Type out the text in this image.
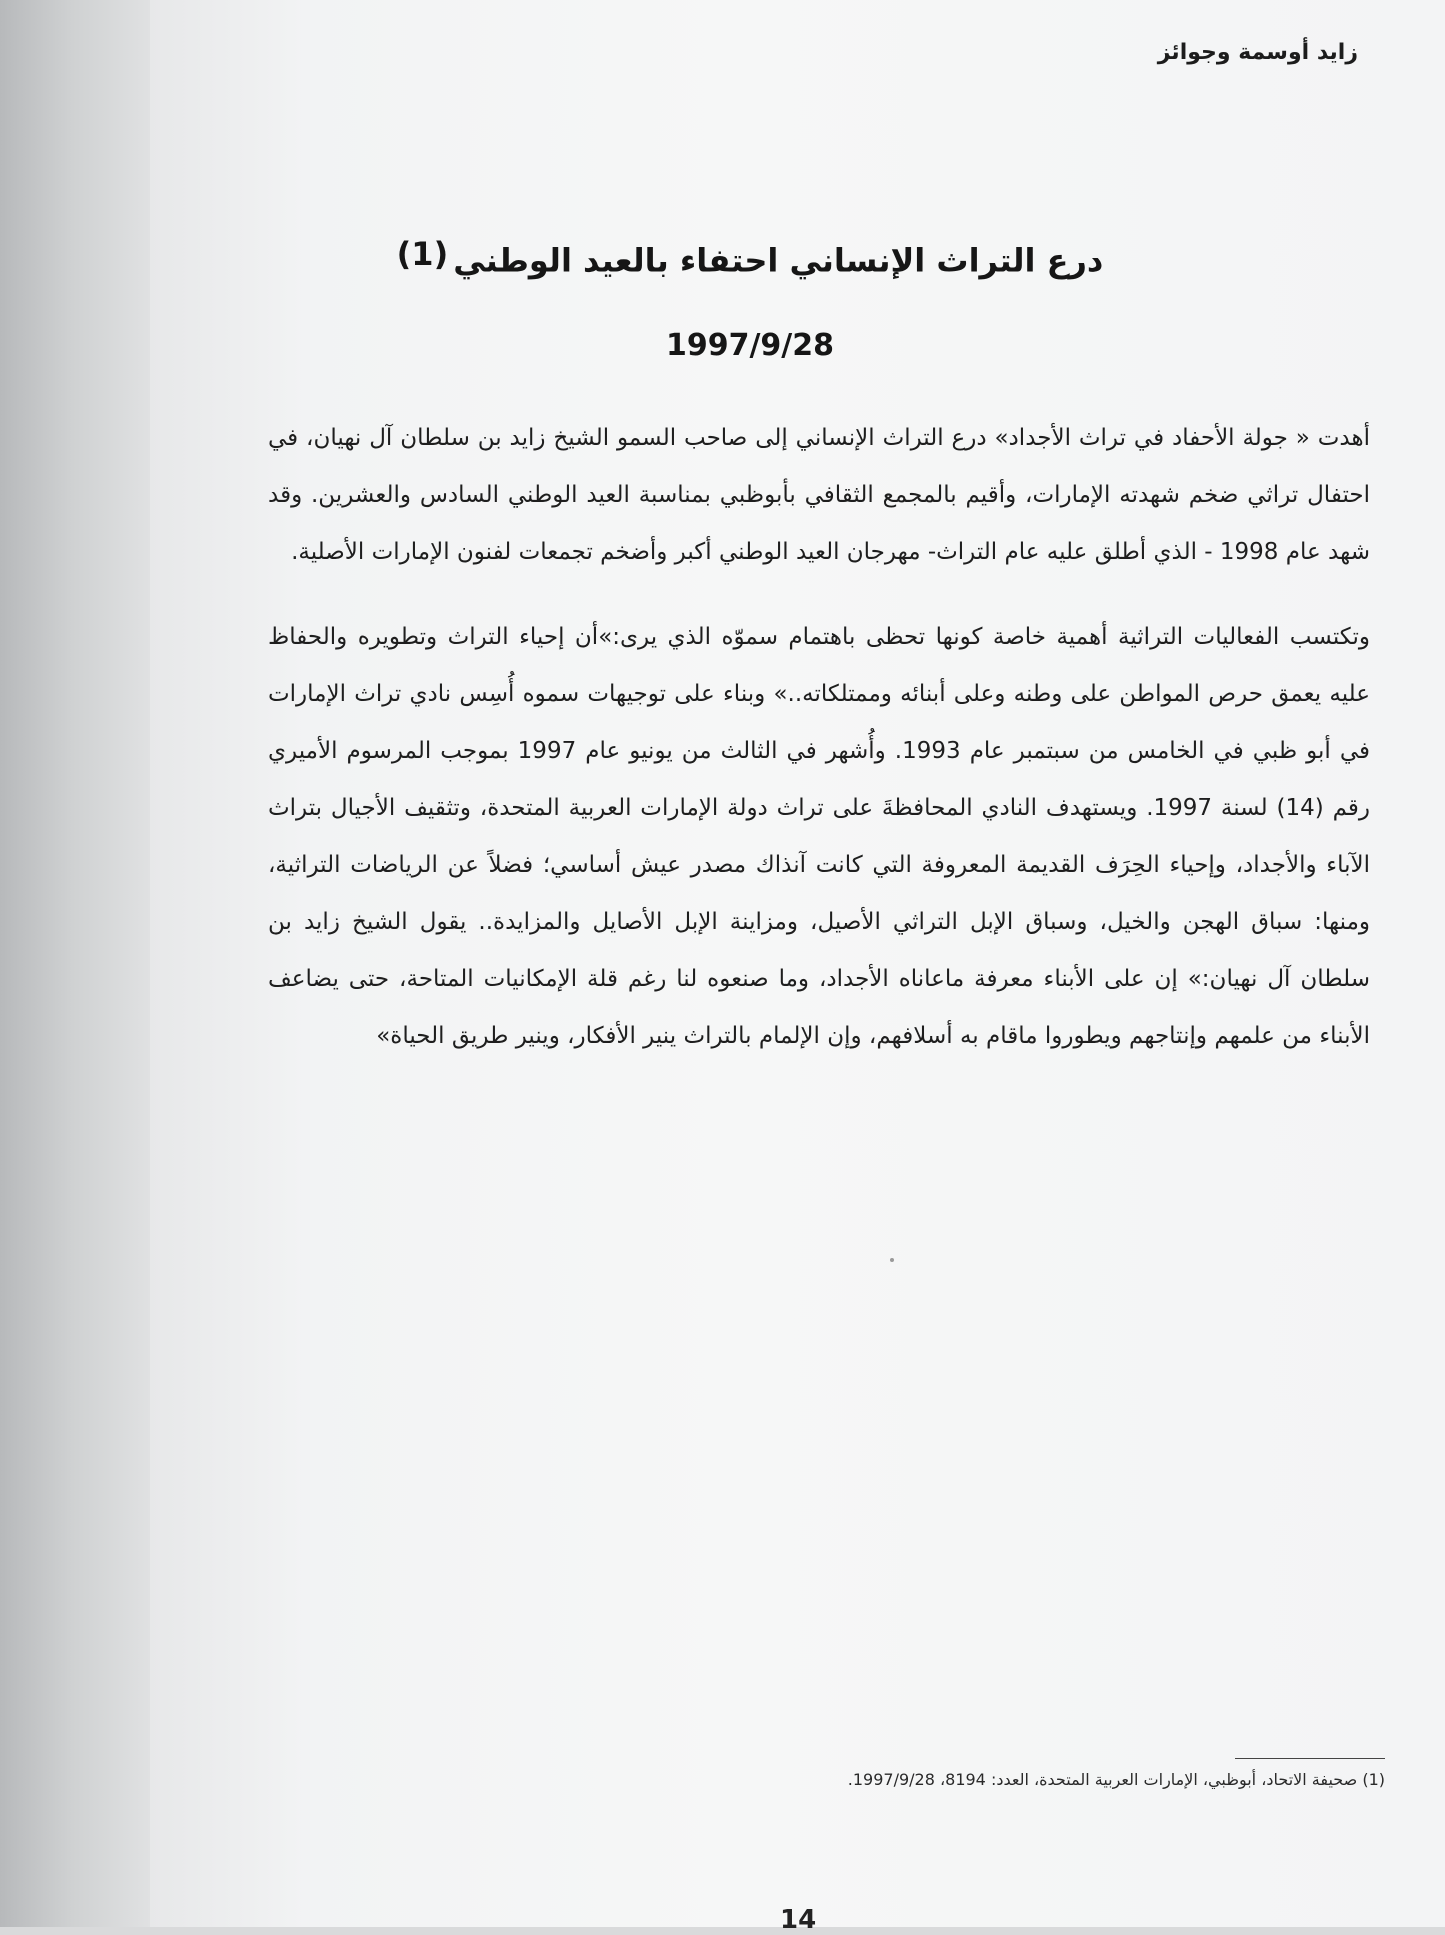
زايد أوسمة وجوائز
درع التراث الإنساني احتفاء بالعيد الوطني $^{(1)}$
1997/9/28

أهدت « جولة الأحفاد في تراث الأجداد» درع التراث الإنساني إلى صاحب السمو الشيخ زايد بن سلطان آل نهيان، في احتفال تراثي ضخم شهدته الإمارات، وأقيم بالمجمع الثقافي بأبوظبي بمناسبة العيد الوطني السادس والعشرين. وقد شهد عام 1998 - الذي أطلق عليه عام التراث- مهرجان العيد الوطني أكبر وأضخم تجمعات لفنون الإمارات الأصلية.

وتكتسب الفعاليات التراثية أهمية خاصة كونها تحظى باهتمام سموّه الذي يرى:»أن إحياء التراث وتطويره والحفاظ عليه يعمق حرص المواطن على وطنه وعلى أبنائه وممتلكاته..» وبناء على توجيهات سموه أُسِس نادي تراث الإمارات في أبو ظبي في الخامس من سبتمبر عام 1993. وأُشهر في الثالث من يونيو عام 1997 بموجب المرسوم الأميري رقم (14) لسنة 1997. ويستهدف النادي المحافظةَ على تراث دولة الإمارات العربية المتحدة، وتثقيف الأجيال بتراث الآباء والأجداد، وإحياء الحِرَف القديمة المعروفة التي كانت آنذاك مصدر عيش أساسي؛ فضلاً عن الرياضات التراثية، ومنها: سباق الهجن والخيل، وسباق الإبل التراثي الأصيل، ومزاينة الإبل الأصايل والمزايدة.. يقول الشيخ زايد بن سلطان آل نهيان:» إن على الأبناء معرفة ماعاناه الأجداد، وما صنعوه لنا رغم قلة الإمكانيات المتاحة، حتى يضاعف الأبناء من علمهم وإنتاجهم ويطوروا ماقام به أسلافهم، وإن الإلمام بالتراث ينير الأفكار، وينير طريق الحياة»

(1) صحيفة الاتحاد، أبوظبي، الإمارات العربية المتحدة، العدد: 8194، 1997/9/28.
14
